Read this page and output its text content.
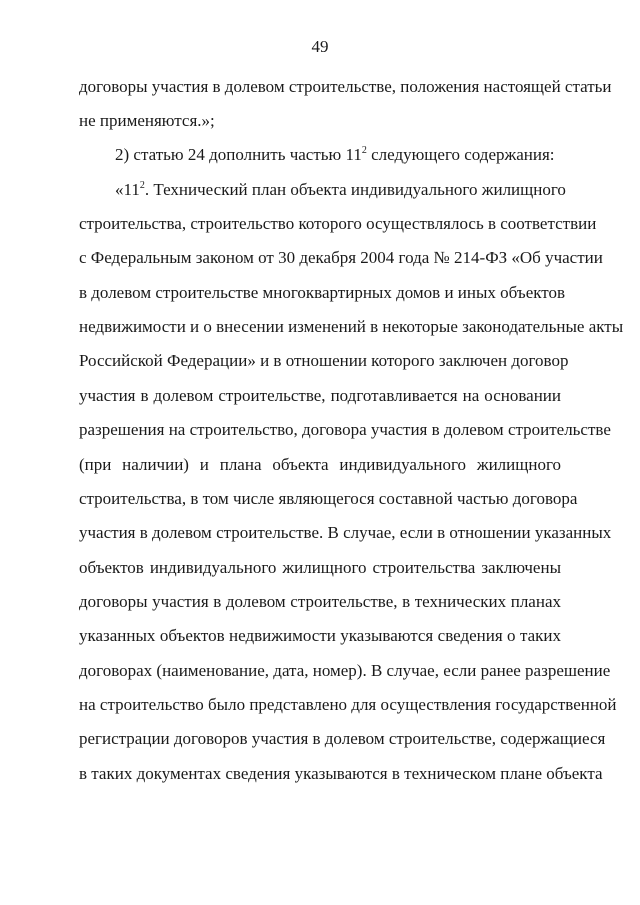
49
договоры участия в долевом строительстве, положения настоящей статьи
не применяются.»;
2) статью 24 дополнить частью $11^2$ следующего содержания:
«$11^2$. Технический план объекта индивидуального жилищного
строительства, строительство которого осуществлялось в соответствии
с Федеральным законом от 30 декабря 2004 года № 214-ФЗ «Об участии
в долевом строительстве многоквартирных домов и иных объектов
недвижимости и о внесении изменений в некоторые законодательные акты
Российской Федерации» и в отношении которого заключен договор
участия в долевом строительстве, подготавливается на основании
разрешения на строительство, договора участия в долевом строительстве
(при наличии) и плана объекта индивидуального жилищного
строительства, в том числе являющегося составной частью договора
участия в долевом строительстве. В случае, если в отношении указанных
объектов индивидуального жилищного строительства заключены
договоры участия в долевом строительстве, в технических планах
указанных объектов недвижимости указываются сведения о таких
договорах (наименование, дата, номер). В случае, если ранее разрешение
на строительство было представлено для осуществления государственной
регистрации договоров участия в долевом строительстве, содержащиеся
в таких документах сведения указываются в техническом плане объекта
